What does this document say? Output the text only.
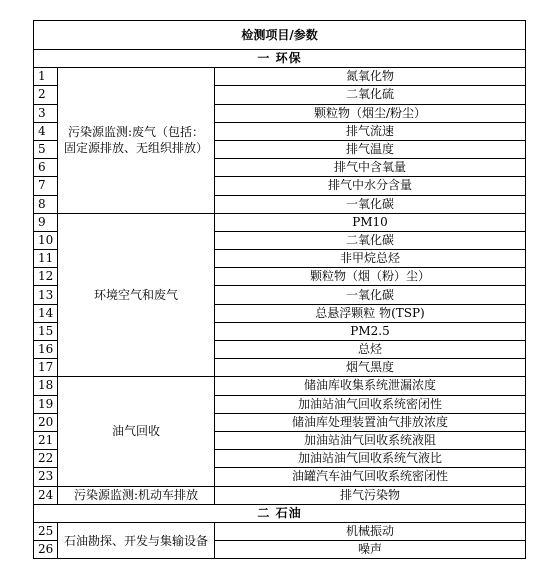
检测项目/参数		
一 环保		
1	污染源监测:废气（包括：固定源排放、无组织排放）	氮氧化物
2		二氧化硫
3		颗粒物（烟尘/粉尘）
4		排气流速
5		排气温度
6		排气中含氧量
7		排气中水分含量
8		一氧化碳
9	环境空气和废气	PM10
10		二氧化碳
11		非甲烷总烃
12		颗粒物（烟（粉）尘）
13		一氧化碳
14		总悬浮颗粒 物(TSP)
15		PM2.5
16		总烃
17		烟气黑度
18	油气回收	储油库收集系统泄漏浓度
19		加油站油气回收系统密闭性
20		储油库处理装置油气排放浓度
21		加油站油气回收系统液阻
22		加油站油气回收系统气液比
23		油罐汽车油气回收系统密闭性
24	污染源监测:机动车排放	排气污染物
二 石油		
25	石油勘探、开发与集输设备	机械振动
26		噪声
